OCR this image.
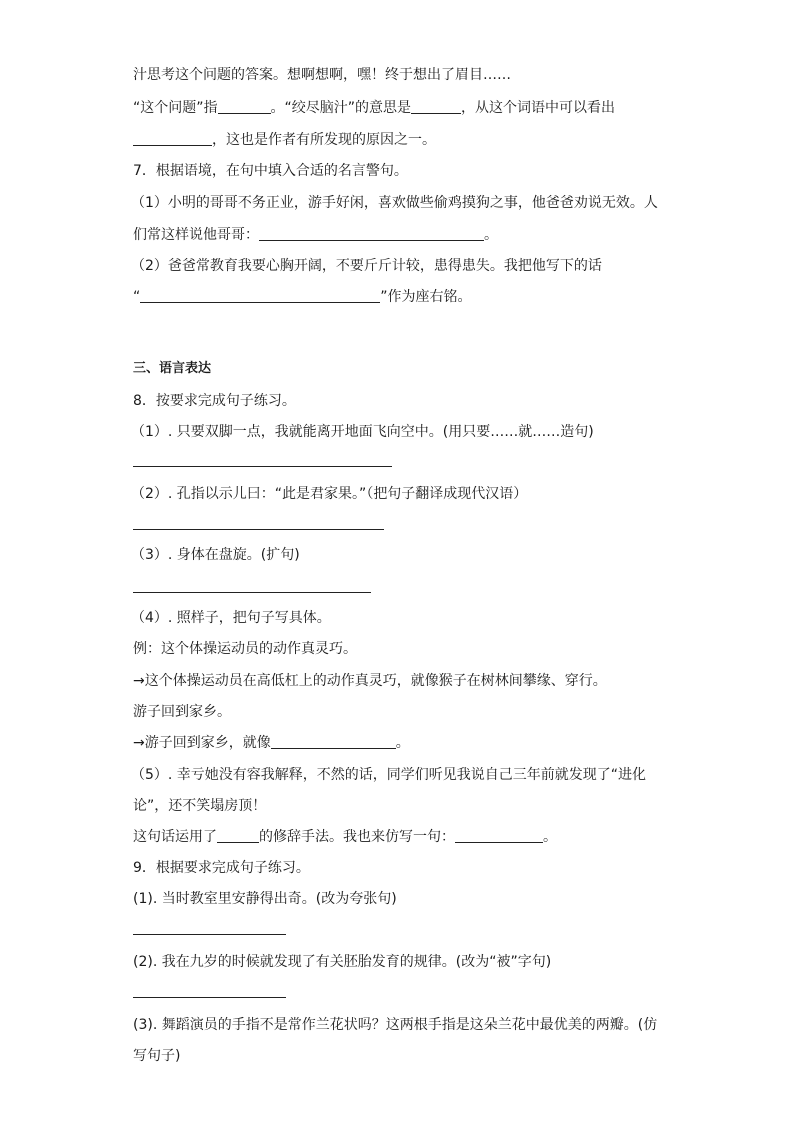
汁思考这个问题的答案。想啊想啊，嘿！终于想出了眉目……
“这个问题”指	。“绞尽脑汁”的意思是	，从这个词语中可以看出
，这也是作者有所发现的原因之一。
7．根据语境，在句中填入合适的名言警句。
（1）小明的哥哥不务正业，游手好闲，喜欢做些偷鸡摸狗之事，他爸爸劝说无效。人
们常这样说他哥哥：	。
（2）爸爸常教育我要心胸开阔，不要斤斤计较，患得患失。我把他写下的话
“	”作为座右铭。
三、语言表达
8．按要求完成句子练习。
（1）. 只要双脚一点，我就能离开地面飞向空中。(用只要……就……造句)
（2）. 孔指以示儿曰：“此是君家果。”（把句子翻译成现代汉语）
（3）. 身体在盘旋。(扩句)
（4）. 照样子，把句子写具体。
例：这个体操运动员的动作真灵巧。
→这个体操运动员在高低杠上的动作真灵巧，就像猴子在树林间攀缘、穿行。
游子回到家乡。
→游子回到家乡，就像	。
（5）. 幸亏她没有容我解释，不然的话，同学们听见我说自己三年前就发现了“进化
论”，还不笑塌房顶！
这句话运用了	的修辞手法。我也来仿写一句：	。
9．根据要求完成句子练习。
(1). 当时教室里安静得出奇。(改为夸张句)
(2). 我在九岁的时候就发现了有关胚胎发育的规律。(改为“被”字句)
(3). 舞蹈演员的手指不是常作兰花状吗？这两根手指是这朵兰花中最优美的两瓣。(仿
写句子)
